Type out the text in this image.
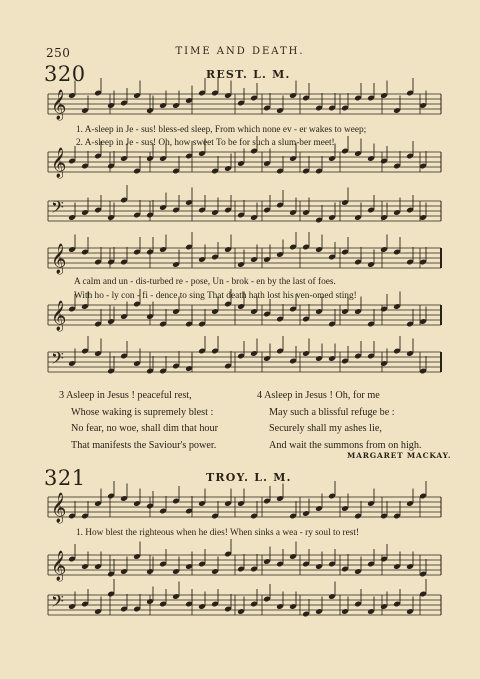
250	TIME AND DEATH.
320	REST. L. M.
𝄞
𝄞
𝄢
𝄞
𝄞
𝄢
𝄞
𝄞
𝄢
1. A-sleep in Je - sus! bless-ed sleep, From which none ev - er wakes to weep;
2. A-sleep in Je - sus! Oh, how sweet To be for such a slum-ber meet!
A calm and un - dis-turbed re - pose, Un - brok - en by the last of foes.
With ho - ly con - fi - dence to sing That death hath lost his ven-omed sting!
3 Asleep in Jesus ! peaceful rest,
Whose waking is supremely blest :
No fear, no woe, shall dim that hour
That manifests the Saviour's power.
4 Asleep in Jesus ! Oh, for me
May such a blissful refuge be :
Securely shall my ashes lie,
And wait the summons from on high.
MARGARET MACKAY.
321	TROY. L. M.
1. How blest the righteous when he dies! When sinks a wea - ry soul to rest!
